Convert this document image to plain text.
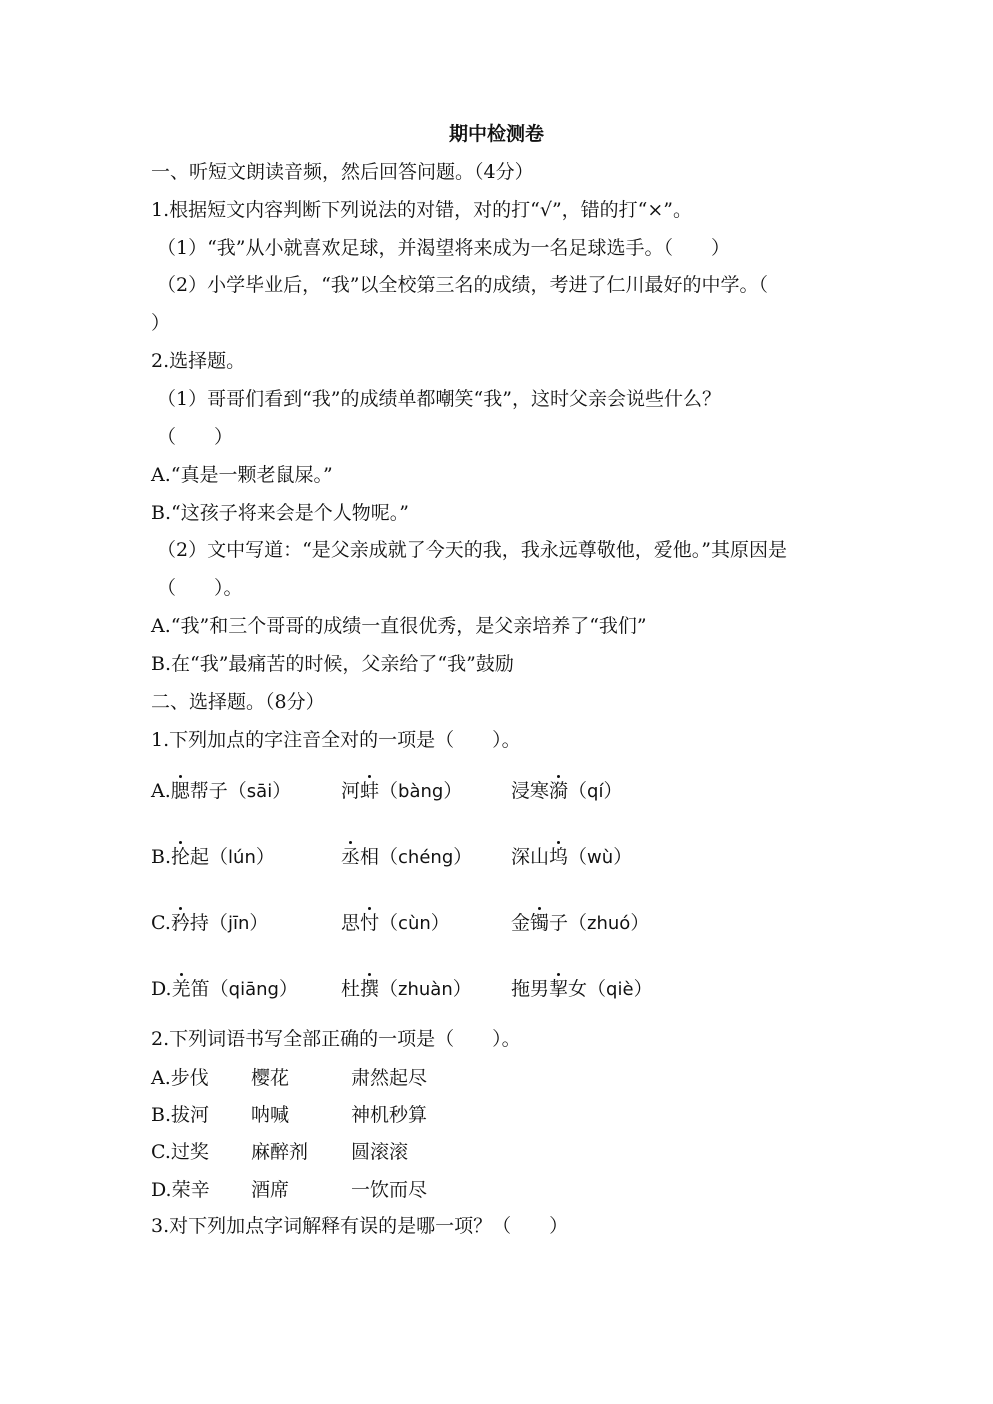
期中检测卷
一、听短文朗读音频，然后回答问题。（4分）
1.根据短文内容判断下列说法的对错，对的打“√”，错的打“×”。
（1）“我”从小就喜欢足球，并渴望将来成为一名足球选手。（　　）
（2）小学毕业后，“我”以全校第三名的成绩，考进了仁川最好的中学。（
）
2.选择题。
（1）哥哥们看到“我”的成绩单都嘲笑“我”，这时父亲会说些什么？
（　　）
A.“真是一颗老鼠屎。”
B.“这孩子将来会是个人物呢。”
（2）文中写道：“是父亲成就了今天的我，我永远尊敬他，爱他。”其原因是
（　　）。
A.“我”和三个哥哥的成绩一直很优秀，是父亲培养了“我们”
B.在“我”最痛苦的时候，父亲给了“我”鼓励
二、选择题。（8分）
1.下列加点的字注音全对的一项是（　　）。
A.腮帮子（sāi）	河蚌（bàng）	浸寒漪（qí）
B.抡起（lún）	丞相（chéng） 深山坞（wù）
C.矜持（jīn）	思忖（cùn）	金镯子（zhuó）
D.羌笛（qiāng） 杜撰（zhuàn） 拖男挈女（qiè）
2.下列词语书写全部正确的一项是（　　）。
A.步伐 樱花	肃然起尽
B.拔河 呐喊	神机秒算
C.过奖 麻醉剂 圆滚滚
D.荣辛 酒席	一饮而尽
3.对下列加点字词解释有误的是哪一项？（　　）
